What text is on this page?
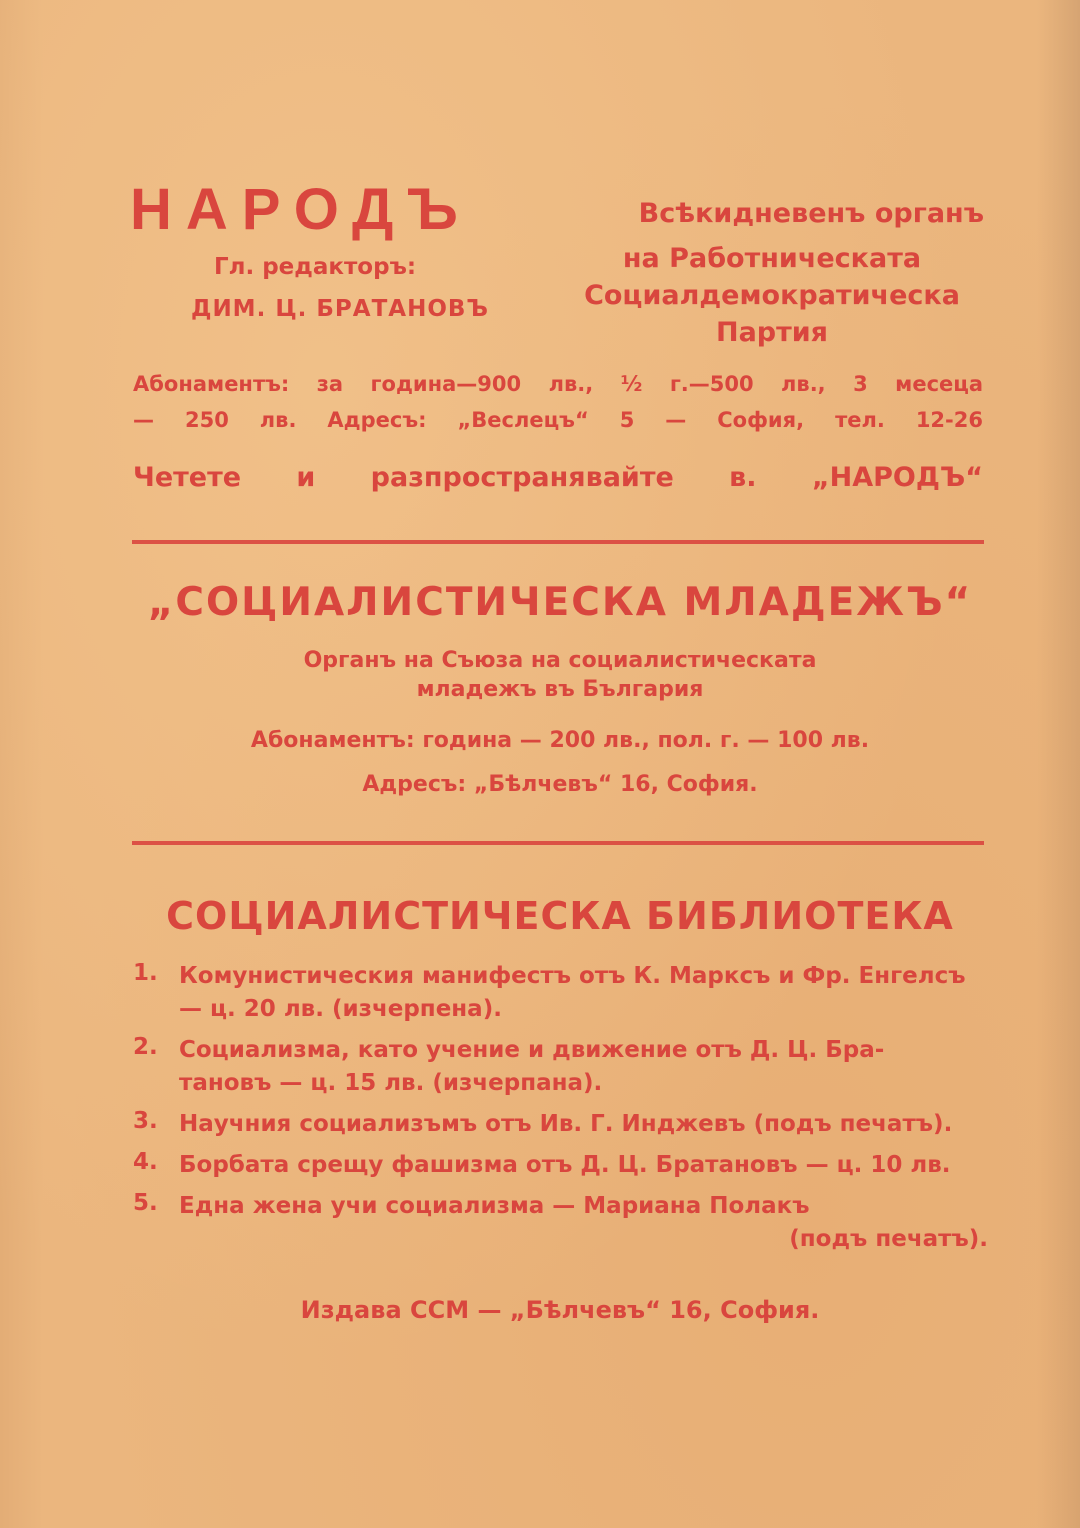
НАРОДЪ	Всѣкидневенъ органъ
на Работническата
Социалдемократическа
Партия
Гл. редакторъ:
ДИМ. Ц. БРАТАНОВЪ
Абонаментъ: за година—900 лв., ½ г.—500 лв., 3 месеца
— 250 лв. Адресъ: „Веслецъ“ 5 — София, тел. 12-26
Четете и разпространявайте в. „НАРОДЪ“
„СОЦИАЛИСТИЧЕСКА МЛАДЕЖЪ“
Органъ на Съюза на социалистическата
младежъ въ България
Абонаментъ: година — 200 лв., пол. г. — 100 лв.
Адресъ: „Бѣлчевъ“ 16, София.
СОЦИАЛИСТИЧЕСКА БИБЛИОТЕКА
1. Комунистическия манифестъ отъ К. Марксъ и Фр. Енгелсъ
— ц. 20 лв. (изчерпена).
2. Социализма, като учение и движение отъ Д. Ц. Бра-
тановъ — ц. 15 лв. (изчерпана).
3. Научния социализъмъ отъ Ив. Г. Инджевъ (подъ печатъ).
4. Борбата срещу фашизма отъ Д. Ц. Братановъ — ц. 10 лв.
5. Една жена учи социализма — Мариана Полакъ
(подъ печатъ).
Издава ССМ — „Бѣлчевъ“ 16, София.
